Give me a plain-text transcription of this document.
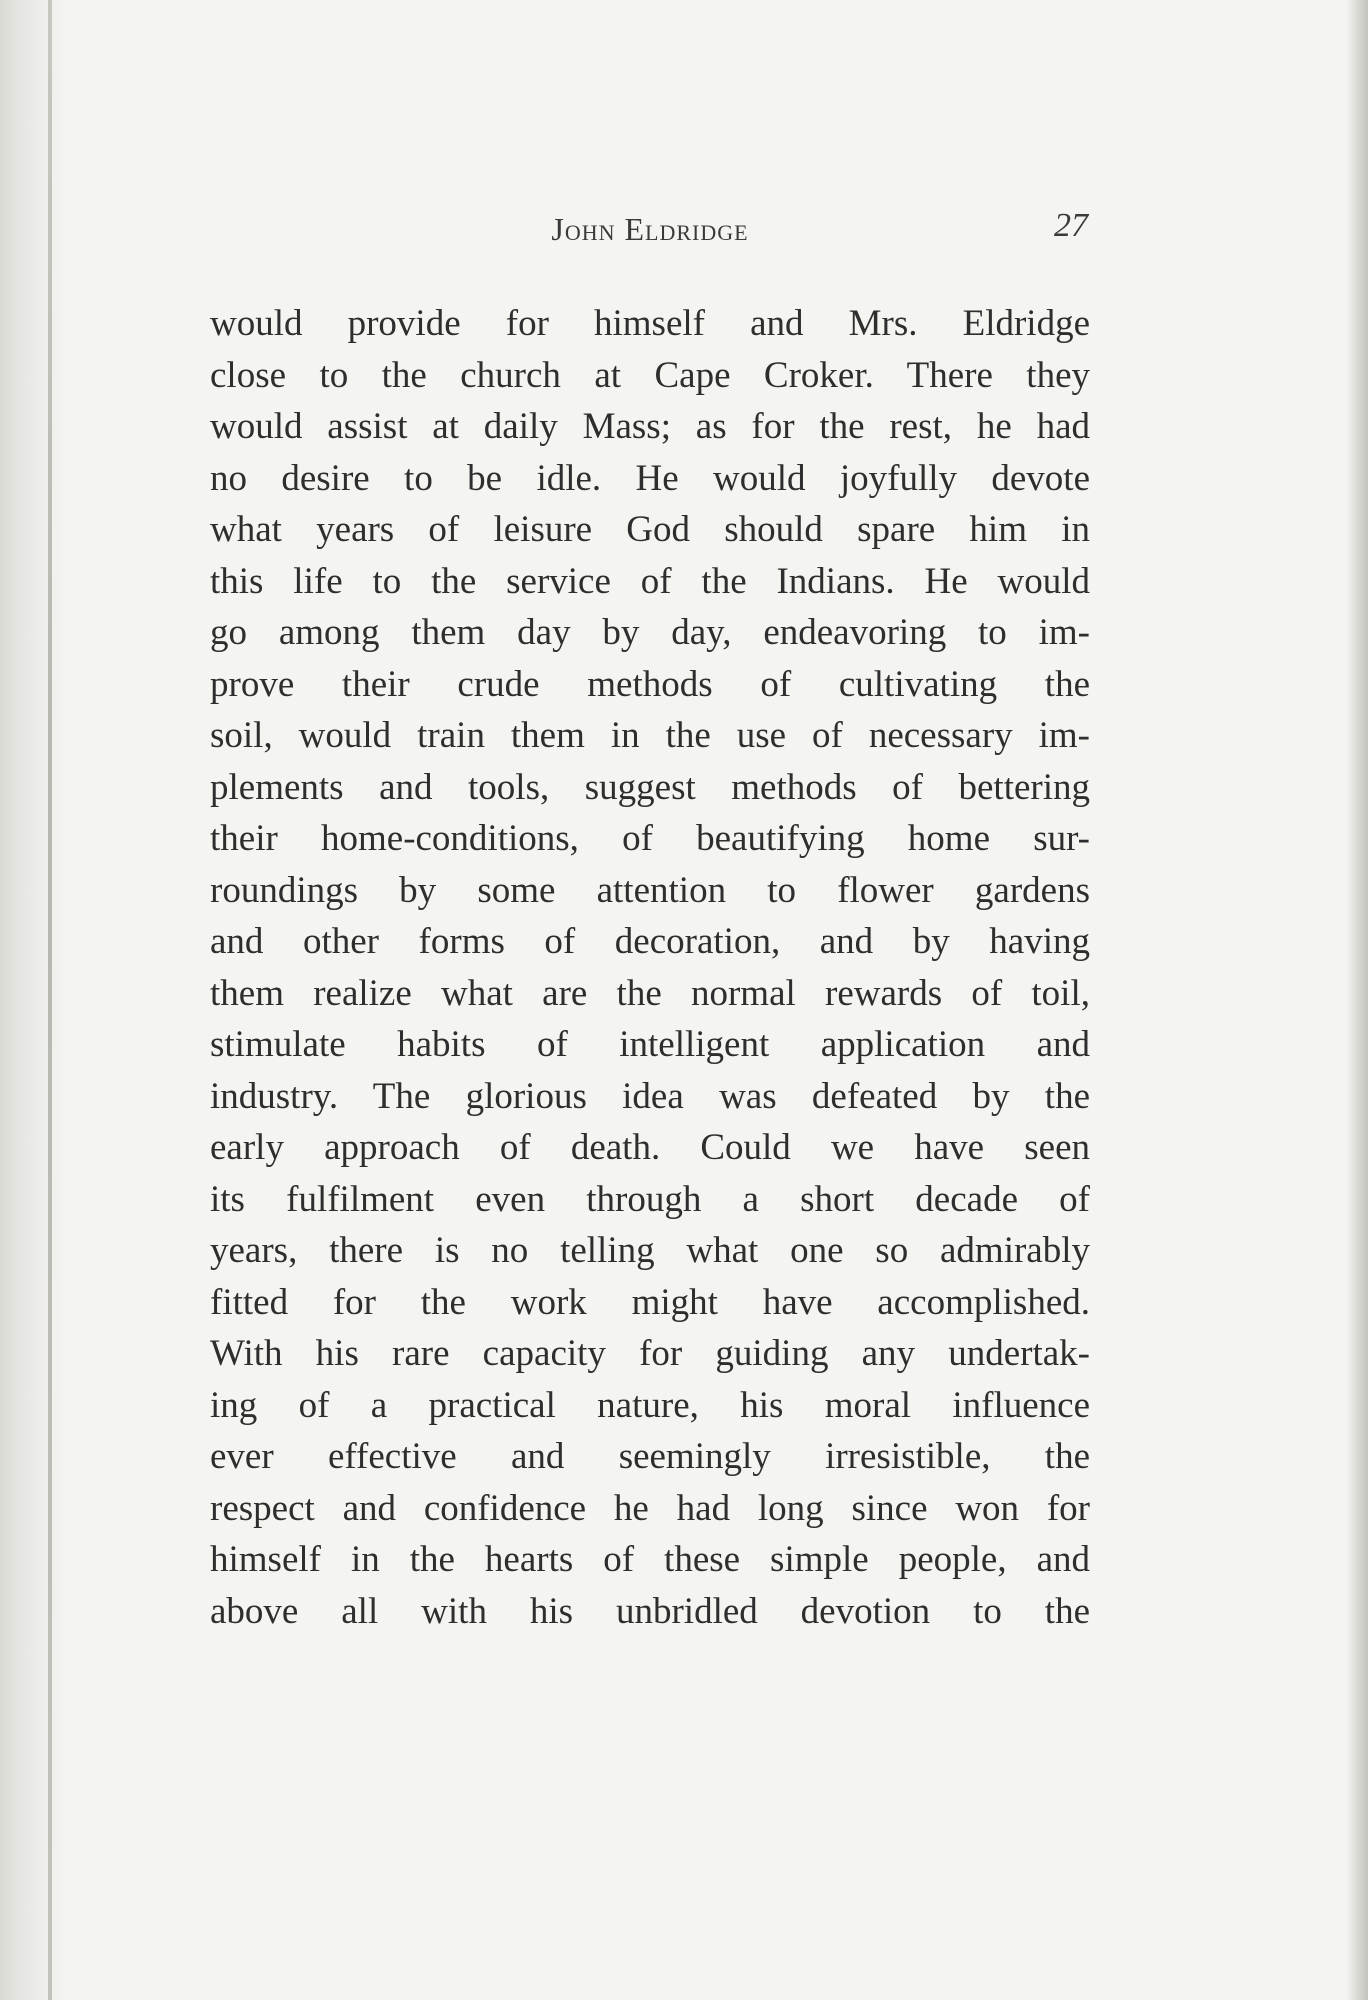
John Eldridge	27
would provide for himself and Mrs. Eldridge
close to the church at Cape Croker. There they
would assist at daily Mass; as for the rest, he had
no desire to be idle. He would joyfully devote
what years of leisure God should spare him in
this life to the service of the Indians. He would
go among them day by day, endeavoring to im-
prove their crude methods of cultivating the
soil, would train them in the use of necessary im-
plements and tools, suggest methods of bettering
their home-conditions, of beautifying home sur-
roundings by some attention to flower gardens
and other forms of decoration, and by having
them realize what are the normal rewards of toil,
stimulate habits of intelligent application and
industry. The glorious idea was defeated by the
early approach of death. Could we have seen
its fulfilment even through a short decade of
years, there is no telling what one so admirably
fitted for the work might have accomplished.
With his rare capacity for guiding any undertak-
ing of a practical nature, his moral influence
ever effective and seemingly irresistible, the
respect and confidence he had long since won for
himself in the hearts of these simple people, and
above all with his unbridled devotion to the
